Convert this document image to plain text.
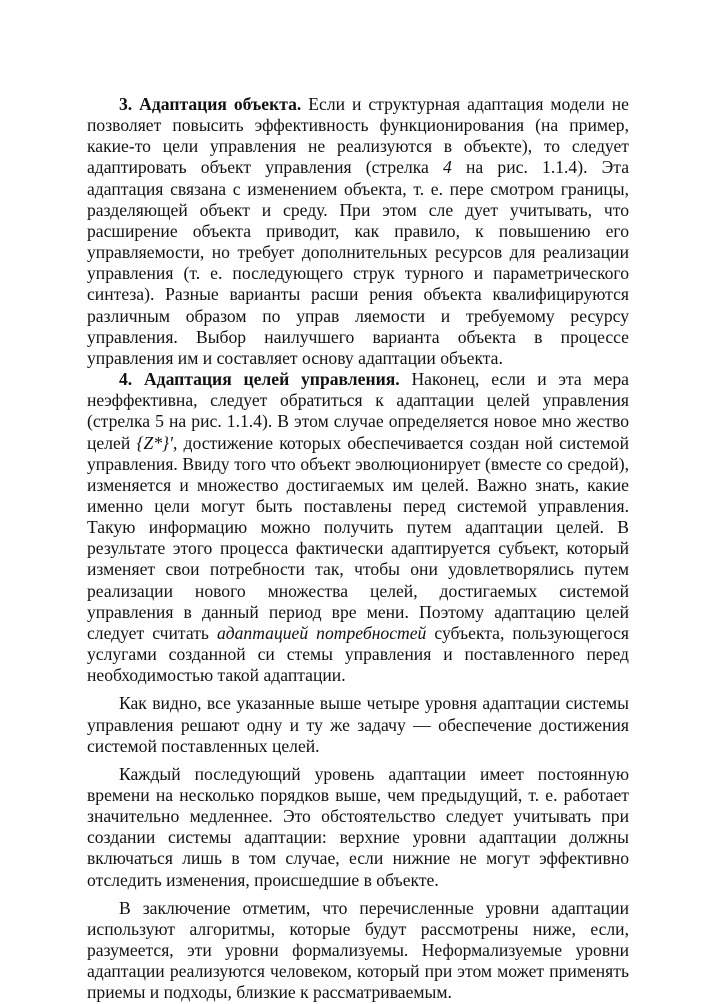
3. Адаптация объекта. Если и структурная адаптация модели не позволяет повысить эффективность функционирования (на пример, какие-то цели управления не реализуются в объекте), то следует адаптировать объект управления (стрелка 4 на рис. 1.1.4). Эта адаптация связана с изменением объекта, т. е. пере смотром границы, разделяющей объект и среду. При этом сле дует учитывать, что расширение объекта приводит, как правило, к повышению его управляемости, но требует дополнительных ресурсов для реализации управления (т. е. последующего струк турного и параметрического синтеза). Разные варианты расши рения объекта квалифицируются различным образом по управ ляемости и требуемому ресурсу управления. Выбор наилучшего варианта объекта в процессе управления им и составляет основу адаптации объекта.

4. Адаптация целей управления. Наконец, если и эта мера неэффективна, следует обратиться к адаптации целей управления (стрелка 5 на рис. 1.1.4). В этом случае определяется новое мно жество целей {Z*}′, достижение которых обеспечивается создан ной системой управления. Ввиду того что объект эволюционирует (вместе со средой), изменяется и множество достигаемых им целей. Важно знать, какие именно цели могут быть поставлены перед системой управления. Такую информацию можно получить путем адаптации целей. В результате этого процесса фактически адаптируется субъект, который изменяет свои потребности так, чтобы они удовлетворялись путем реализации нового множества целей, достигаемых системой управления в данный период вре мени. Поэтому адаптацию целей следует считать адаптацией потребностей субъекта, пользующегося услугами созданной си стемы управления и поставленного перед необходимостью такой адаптации.

Как видно, все указанные выше четыре уровня адаптации системы управления решают одну и ту же задачу — обеспечение достижения системой поставленных целей.

Каждый последующий уровень адаптации имеет постоянную времени на несколько порядков выше, чем предыдущий, т. е. работает значительно медленнее. Это обстоятельство следует учитывать при создании системы адаптации: верхние уровни адаптации должны включаться лишь в том случае, если нижние не могут эффективно отследить изменения, происшедшие в объекте.

В заключение отметим, что перечисленные уровни адаптации используют алгоритмы, которые будут рассмотрены ниже, если, разумеется, эти уровни формализуемы. Неформализуемые уровни адаптации реализуются человеком, который при этом может применять приемы и подходы, близкие к рассматриваемым.
